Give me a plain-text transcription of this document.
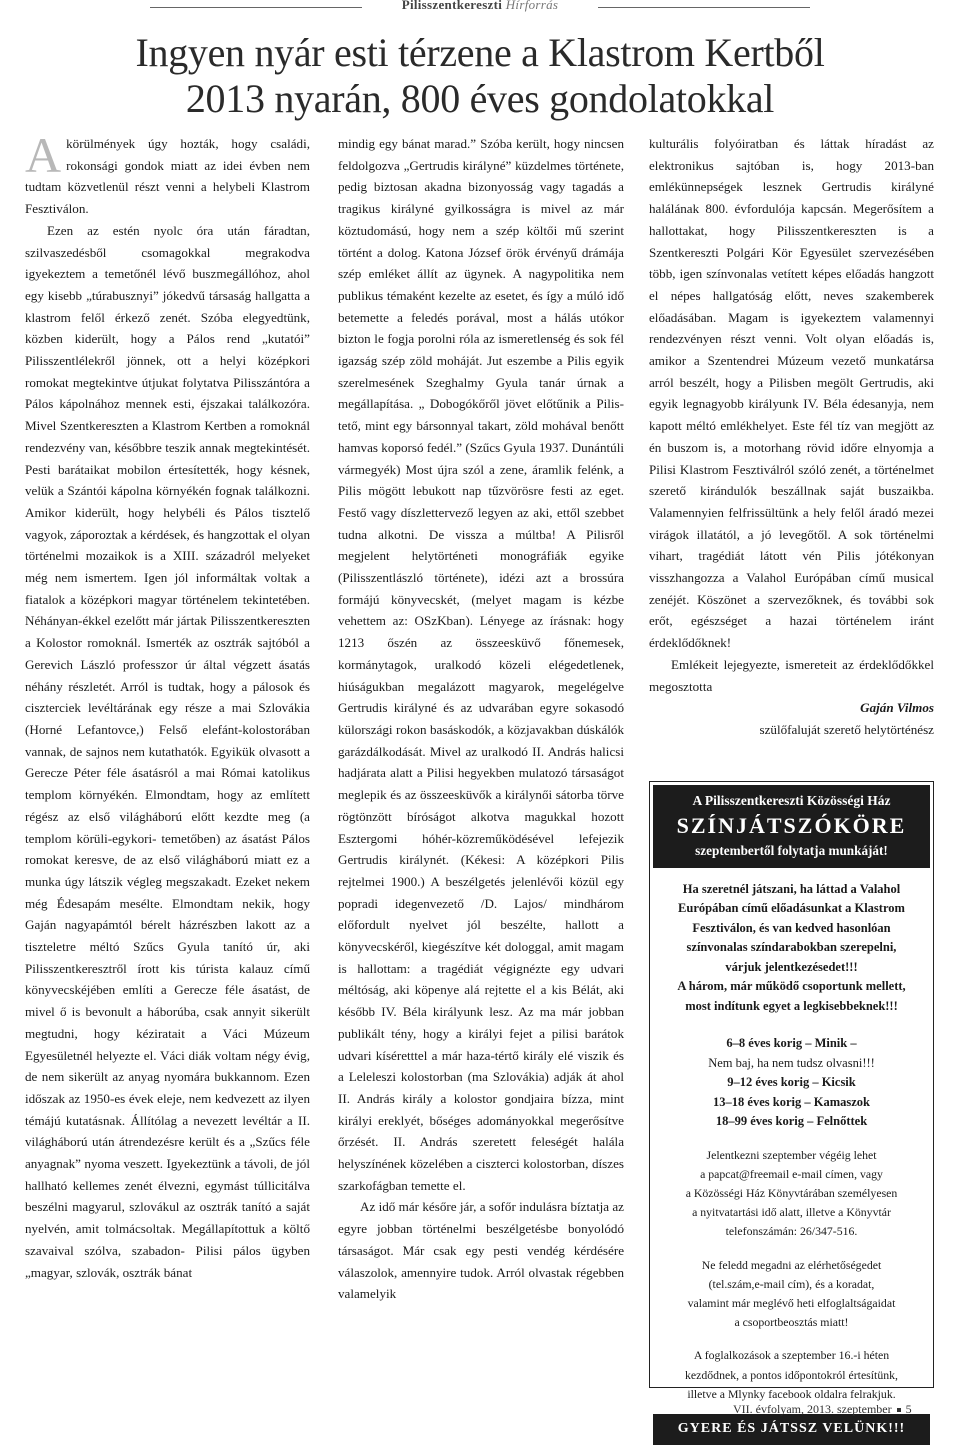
Pilisszentkereszti Hírforrás
Ingyen nyár esti térzene a Klastrom Kertből
2013 nyarán, 800 éves gondolatokkal

Akörülmények úgy hozták, hogy családi, rokonsági gondok miatt az idei évben nem tudtam közvetlenül részt venni a helybeli Klastrom Fesztiválon.

Ezen az estén nyolc óra után fáradtan, szilvaszedésből csomagokkal megrakodva igyekeztem a temetőnél lévő buszmegállóhoz, ahol egy kisebb „túrabusznyi” jókedvű társaság hallgatta a klastrom felől érkező zenét. Szóba elegyedtünk, közben kiderült, hogy a Pálos rend „kutatói” Pilisszentlélekről jönnek, ott a helyi középkori romokat megtekintve útjukat folytatva Pilisszántóra a Pálos kápolnához mennek esti, éjszakai találkozóra. Mivel Szentkereszten a Klastrom Kertben a romoknál rendezvény van, későbbre teszik annak megtekintését. Pesti barátaikat mobilon értesítették, hogy késnek, velük a Szántói kápolna környékén fognak találkozni. Amikor kiderült, hogy helybéli és Pálos tisztelő vagyok, záporoztak a kérdések, és hangzottak el olyan történelmi mozaikok is a XIII. századról melyeket még nem ismertem. Igen jól informáltak voltak a fiatalok a középkori magyar történelem tekintetében. Néhányan-ékkel ezelőtt már jártak Pilisszentkereszten a Kolostor romoknál. Ismerték az osztrák sajtóból a Gerevich László professzor úr által végzett ásatás néhány részletét. Arról is tudtak, hogy a pálosok és ciszterciek levéltárának egy része a mai Szlovákia (Horné Lefantovce,) Felső elefánt-kolostorában vannak, de sajnos nem kutathatók. Egyikük olvasott a Gerecze Péter féle ásatásról a mai Római katolikus templom környékén. Elmondtam, hogy az említett régész az első világháború előtt kezdte meg (a templom körüli-egykori- temetőben) az ásatást Pálos romokat keresve, de az első világháború miatt ez a munka úgy látszik végleg megszakadt. Ezeket nekem még Édesapám mesélte. Elmondtam nekik, hogy Gaján nagyapámtól bérelt házrészben lakott az a tiszteletre méltó Szűcs Gyula tanító úr, aki Pilisszentkeresztről írott kis túrista kalauz című könyvecskéjében említi a Gerecze féle ásatást, de mivel ő is bevonult a háborúba, csak annyit sikerült megtudni, hogy kéziratait a Váci Múzeum Egyesületnél helyezte el. Váci diák voltam négy évig, de nem sikerült az anyag nyomára bukkannom. Ezen időszak az 1950-es évek eleje, nem kedvezett az ilyen témájú kutatásnak. Állítólag a nevezett levéltár a II. világháború után átrendezésre került és a „Szűcs féle anyagnak” nyoma veszett. Igyekeztünk a távoli, de jól hallható kellemes zenét élvezni, egymást túllicitálva beszélni magyarul, szlovákul az osztrák tanító a saját nyelvén, amit tolmácsoltak. Megállapítottuk a költő szavaival szólva, szabadon- Pilisi pálos ügyben „magyar, szlovák, osztrák bánat

mindig egy bánat marad.” Szóba került, hogy nincsen feldolgozva „Gertrudis királyné” küzdelmes története, pedig biztosan akadna bizonyosság vagy tagadás a tragikus királyné gyilkosságra is mivel az már köztudomású, hogy nem a szép költői mű szerint történt a dolog. Katona József örök érvényű drámája szép emléket állít az ügynek. A nagypolitika nem publikus témaként kezelte az esetet, és így a múló idő betemette a feledés porával, most a hálás utókor bizton le fogja porolni róla az ismeretlenség és sok fél igazság szép zöld moháját. Jut eszembe a Pilis egyik szerelmesének Szeghalmy Gyula tanár úrnak a megállapítása. „ Dobogókőről jövet előtűnik a Pilis- tető, mint egy bársonnyal takart, zöld mohával benőtt hamvas koporsó fedél.” (Szűcs Gyula 1937. Dunántúli vármegyék) Most újra szól a zene, áramlik felénk, a Pilis mögött lebukott nap tűzvörösre festi az eget. Festő vagy díszlettervező legyen az aki, ettől szebbet tudna alkotni. De vissza a múltba! A Pilisről megjelent helytörténeti monográfiák egyike (Pilisszentlászló története), idézi azt a brossúra formájú könyvecskét, (melyet magam is kézbe vehettem az: OSzKban). Lényege az írásnak: hogy 1213 őszén az összeesküvő főnemesek, kormánytagok, uralkodó közeli elégedetlenek, hiúságukban megalázott magyarok, megelégelve Gertrudis királyné és az udvarában egyre sokasodó külországi rokon basáskodók, a közjavakban dúskálók garázdálkodását. Mivel az uralkodó II. András halicsi hadjárata alatt a Pilisi hegyekben mulatozó társaságot meglepik és az összeesküvők a királynői sátorba törve rögtönzött bíróságot alkotva magukkal hozott Esztergomi hóhér-közreműködésével lefejezik Gertrudis királynét. (Kékesi: A középkori Pilis rejtelmei 1900.) A beszélgetés jelenlévői közül egy popradi idegenvezető /D. Lajos/ mindhárom előfordult nyelvet jól beszélte, hallott a könyvecskéről, kiegészítve két dologgal, amit magam is hallottam: a tragédiát végignézte egy udvari méltóság, aki köpenye alá rejtette el a kis Bélát, aki később IV. Béla királyunk lesz. Az ma már jobban publikált tény, hogy a királyi fejet a pilisi barátok udvari kíséretttel a már haza-tértő király elé viszik és a Leleleszi kolostorban (ma Szlovákia) adják át ahol II. András király a kolostor gondjaira bízza, mint királyi ereklyét, bőséges adományokkal megerősítve őrzését. II. András szeretett feleségét halála helyszínének közelében a ciszterci kolostorban, díszes szarkofágban temette el.

Az idő már későre jár, a sofőr indulásra bíztatja az egyre jobban történelmi beszélgetésbe bonyolódó társaságot. Már csak egy pesti vendég kérdésére válaszolok, amennyire tudok. Arról olvastak régebben valamelyik

kulturális folyóiratban és láttak híradást az elektronikus sajtóban is, hogy 2013-ban emlékünnepségek lesznek Gertrudis királyné halálának 800. évfordulója kapcsán. Megerősítem a hallottakat, hogy Pilisszentkereszten is a Szentkereszti Polgári Kör Egyesület szervezésében több, igen színvonalas vetített képes előadás hangzott el népes hallgatóság előtt, neves szakemberek előadásában. Magam is igyekeztem valamennyi rendezvényen részt venni. Volt olyan előadás is, amikor a Szentendrei Múzeum vezető munkatársa arról beszélt, hogy a Pilisben megölt Gertrudis, aki egyik legnagyobb királyunk IV. Béla édesanyja, nem kapott méltó emlékhelyet. Este fél tíz van megjött az én buszom is, a motorhang rövid időre elnyomja a Pilisi Klastrom Fesztiválról szóló zenét, a történelmet szerető kirándulók beszállnak saját buszaikba. Valamennyien felfrissültünk a hely felől áradó mezei virágok illatától, a jó levegőtől. A sok történelmi vihart, tragédiát látott vén Pilis jótékonyan visszhangozza a Valahol Európában című musical zenéjét. Köszönet a szervezőknek, és további sok erőt, egészséget a hazai történelem iránt érdeklődőknek!

Emlékeit lejegyezte, ismereteit az érdeklődőkkel megosztotta

Gaján Vilmos

szülőfaluját szerető helytörténész

A Pilisszentkereszti Közösségi Ház
SZÍNJÁTSZÓKÖRE
szeptembertől folytatja munkáját!
Ha szeretnél játszani, ha láttad a Valahol
Európában című előadásunkat a Klastrom
Fesztiválon, és van kedved hasonlóan
színvonalas színdarabokban szerepelni,
várjuk jelentkezésedet!!!
A három, már működő csoportunk mellett,
most indítunk egyet a legkisebbeknek!!!
6–8 éves korig – Minik –
Nem baj, ha nem tudsz olvasni!!!
9–12 éves korig – Kicsik
13–18 éves korig – Kamaszok
18–99 éves korig – Felnőttek
Jelentkezni szeptember végéig lehet
a papcat@freemail e-mail címen, vagy
a Közösségi Ház Könyvtárában személyesen
a nyitvatartási idő alatt, illetve a Könyvtár
telefonszámán: 26/347-516.
Ne feledd megadni az elérhetőségedet
(tel.szám,e-mail cím), és a koradat,
valamint már meglévő heti elfoglaltságaidat
a csoportbeosztás miatt!
A foglalkozások a szeptember 16.-i héten
kezdődnek, a pontos időpontokról értesítünk,
illetve a Mlynky facebook oldalra felrakjuk.
GYERE ÉS JÁTSSZ VELÜNK!!!
VII. évfolyam, 2013. szeptember 5
